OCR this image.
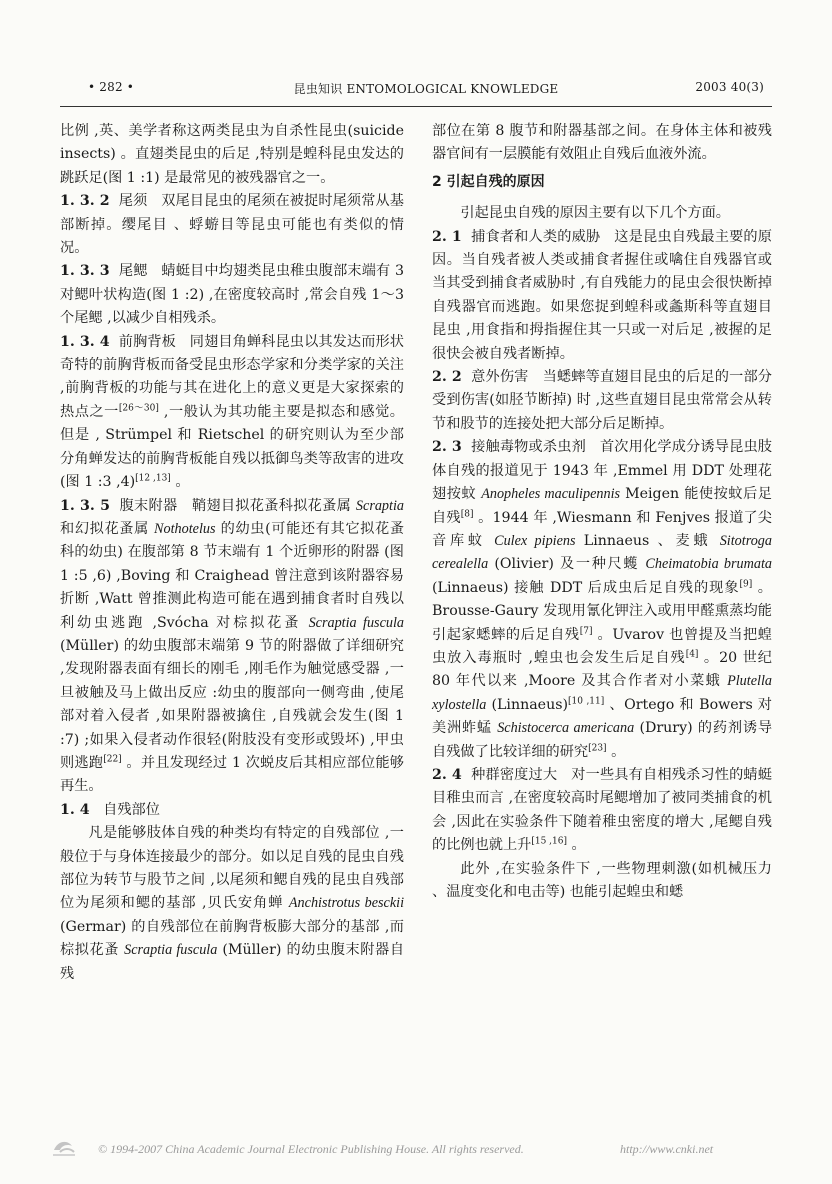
• 282 •	昆虫知识 ENTOMOLOGICAL KNOWLEDGE	2003 40(3)

比例 ,英、美学者称这两类昆虫为自杀性昆虫(suicide insects) 。直翅类昆虫的后足 ,特别是蝗科昆虫发达的跳跃足(图 1 :1) 是最常见的被残器官之一。

1. 3. 2 尾须 双尾目昆虫的尾须在被捉时尾须常从基部断掉。缨尾目 、蜉蝣目等昆虫可能也有类似的情况。

1. 3. 3 尾鳃 蜻蜓目中均翅类昆虫稚虫腹部末端有 3 对鳃叶状构造(图 1 :2) ,在密度较高时 ,常会自残 1～3 个尾鳃 ,以减少自相残杀。

1. 3. 4 前胸背板 同翅目角蝉科昆虫以其发达而形状奇特的前胸背板而备受昆虫形态学家和分类学家的关注 ,前胸背板的功能与其在进化上的意义更是大家探索的热点之一[26～30] ,一般认为其功能主要是拟态和感觉。但是 , Strümpel 和 Rietschel 的研究则认为至少部分角蝉发达的前胸背板能自残以抵御鸟类等敌害的进攻(图 1 :3 ,4)[12 ,13] 。

1. 3. 5 腹末附器 鞘翅目拟花蚤科拟花蚤属 Scraptia 和幻拟花蚤属 Nothotelus 的幼虫(可能还有其它拟花蚤科的幼虫) 在腹部第 8 节末端有 1 个近卵形的附器 (图 1 :5 ,6) ,Boving 和 Craighead 曾注意到该附器容易折断 ,Watt 曾推测此构造可能在遇到捕食者时自残以利幼虫逃跑 ,Svócha 对棕拟花蚤 Scraptia fuscula (Müller) 的幼虫腹部末端第 9 节的附器做了详细研究 ,发现附器表面有细长的刚毛 ,刚毛作为触觉感受器 ,一旦被触及马上做出反应 :幼虫的腹部向一侧弯曲 ,使尾部对着入侵者 ,如果附器被擒住 ,自残就会发生(图 1 :7) ;如果入侵者动作很轻(附肢没有变形或毁坏) ,甲虫则逃跑[22] 。并且发现经过 1 次蜕皮后其相应部位能够再生。

1. 4 自残部位

凡是能够肢体自残的种类均有特定的自残部位 ,一般位于与身体连接最少的部分。如以足自残的昆虫自残部位为转节与股节之间 ,以尾须和鳃自残的昆虫自残部位为尾须和鳃的基部 ,贝氏安角蝉 Anchistrotus besckii (Germar) 的自残部位在前胸背板膨大部分的基部 ,而棕拟花蚤 Scraptia fuscula (Müller) 的幼虫腹末附器自残

部位在第 8 腹节和附器基部之间。在身体主体和被残器官间有一层膜能有效阻止自残后血液外流。

2 引起自残的原因

引起昆虫自残的原因主要有以下几个方面。

2. 1 捕食者和人类的威胁 这是昆虫自残最主要的原因。当自残者被人类或捕食者握住或噙住自残器官或当其受到捕食者威胁时 ,有自残能力的昆虫会很快断掉自残器官而逃跑。如果您捉到蝗科或螽斯科等直翅目昆虫 ,用食指和拇指握住其一只或一对后足 ,被握的足很快会被自残者断掉。

2. 2 意外伤害 当蟋蟀等直翅目昆虫的后足的一部分受到伤害(如胫节断掉) 时 ,这些直翅目昆虫常常会从转节和股节的连接处把大部分后足断掉。

2. 3 接触毒物或杀虫剂 首次用化学成分诱导昆虫肢体自残的报道见于 1943 年 ,Emmel 用 DDT 处理花翅按蚊 Anopheles maculipennis Meigen 能使按蚊后足自残[8] 。1944 年 ,Wiesmann 和 Fenjves 报道了尖音库蚊 Culex pipiens Linnaeus 、麦蛾 Sitotroga cerealella (Olivier) 及一种尺蠖 Cheimatobia brumata (Linnaeus) 接触 DDT 后成虫后足自残的现象[9] 。Brousse-Gaury 发现用氰化钾注入或用甲醛熏蒸均能引起家蟋蟀的后足自残[7] 。Uvarov 也曾提及当把蝗虫放入毒瓶时 ,蝗虫也会发生后足自残[4] 。20 世纪 80 年代以来 ,Moore 及其合作者对小菜蛾 Plutella xylostella (Linnaeus)[10 ,11] 、Ortego 和 Bowers 对美洲蚱蜢 Schistocerca americana (Drury) 的药剂诱导自残做了比较详细的研究[23] 。

2. 4 种群密度过大 对一些具有自相残杀习性的蜻蜓目稚虫而言 ,在密度较高时尾鳃增加了被同类捕食的机会 ,因此在实验条件下随着稚虫密度的增大 ,尾鳃自残的比例也就上升[15 ,16] 。

此外 ,在实验条件下 ,一些物理刺激(如机械压力 、温度变化和电击等) 也能引起蝗虫和蟋

© 1994-2007 China Academic Journal Electronic Publishing House. All rights reserved.	http://www.cnki.net
